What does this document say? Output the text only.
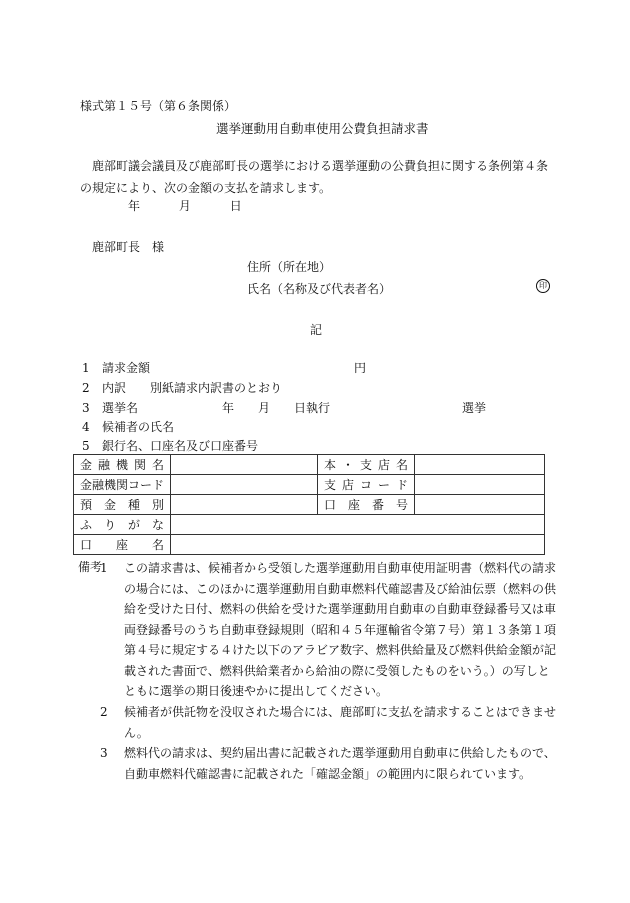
様式第１５号（第６条関係）
選挙運動用自動車使用公費負担請求書
鹿部町議会議員及び鹿部町長の選挙における選挙運動の公費負担に関する条例第４条の規定により、次の金額の支払を請求します。
年	月	日
鹿部町長　様
住所（所在地）
氏名（名称及び代表者名）	印
記
1 請求金額　　　　　　　　　　　　　　　　　円
2 内訳　　別紙請求内訳書のとおり
3 選挙名　　　　　　　年　　月　　日執行　　　　　　　　　　　選挙
4 候補者の氏名
5 銀行名、口座名及び口座番号
金融機関名		本・支店名	
金融機関コード		支店コード	
預金種別		口座番号	
ふりがな			
口座名			
備考
1 この請求書は、候補者から受領した選挙運動用自動車使用証明書（燃料代の請求の場合には、このほかに選挙運動用自動車燃料代確認書及び給油伝票（燃料の供給を受けた日付、燃料の供給を受けた選挙運動用自動車の自動車登録番号又は車両登録番号のうち自動車登録規則（昭和４５年運輸省令第７号）第１３条第１項第４号に規定する４けた以下のアラビア数字、燃料供給量及び燃料供給金額が記載された書面で、燃料供給業者から給油の際に受領したものをいう。）の写しとともに選挙の期日後速やかに提出してください。
2 候補者が供託物を没収された場合には、鹿部町に支払を請求することはできません。
3 燃料代の請求は、契約届出書に記載された選挙運動用自動車に供給したもので、自動車燃料代確認書に記載された「確認金額」の範囲内に限られています。
